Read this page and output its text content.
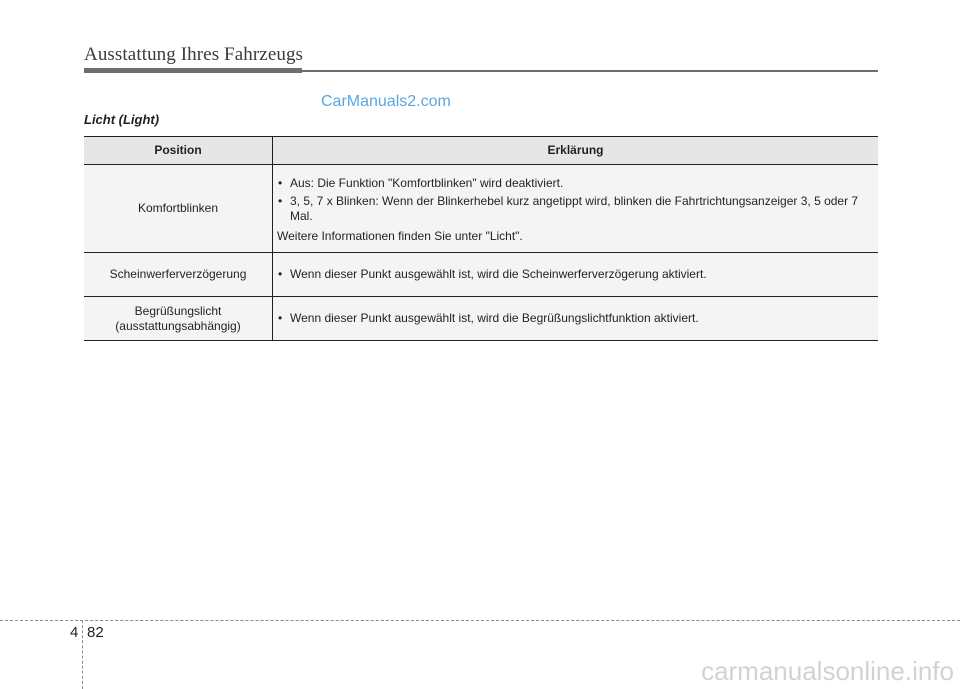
Ausstattung Ihres Fahrzeugs
CarManuals2.com
Licht (Light)
Position	Erklärung

Komfortblinken	• Aus: Die Funktion "Komfortblinken" wird deaktiviert.
• 3, 5, 7 x Blinken: Wenn der Blinkerhebel kurz angetippt wird, blinken die Fahrtrichtungsanzeiger 3, 5 oder 7 Mal.
Weitere Informationen finden Sie unter "Licht".

Scheinwerferverzögerung	• Wenn dieser Punkt ausgewählt ist, wird die Scheinwerferverzögerung aktiviert.

Begrüßungslicht
(ausstattungsabhängig)	• Wenn dieser Punkt ausgewählt ist, wird die Begrüßungslichtfunktion aktiviert.
4 82
carmanualsonline.info
